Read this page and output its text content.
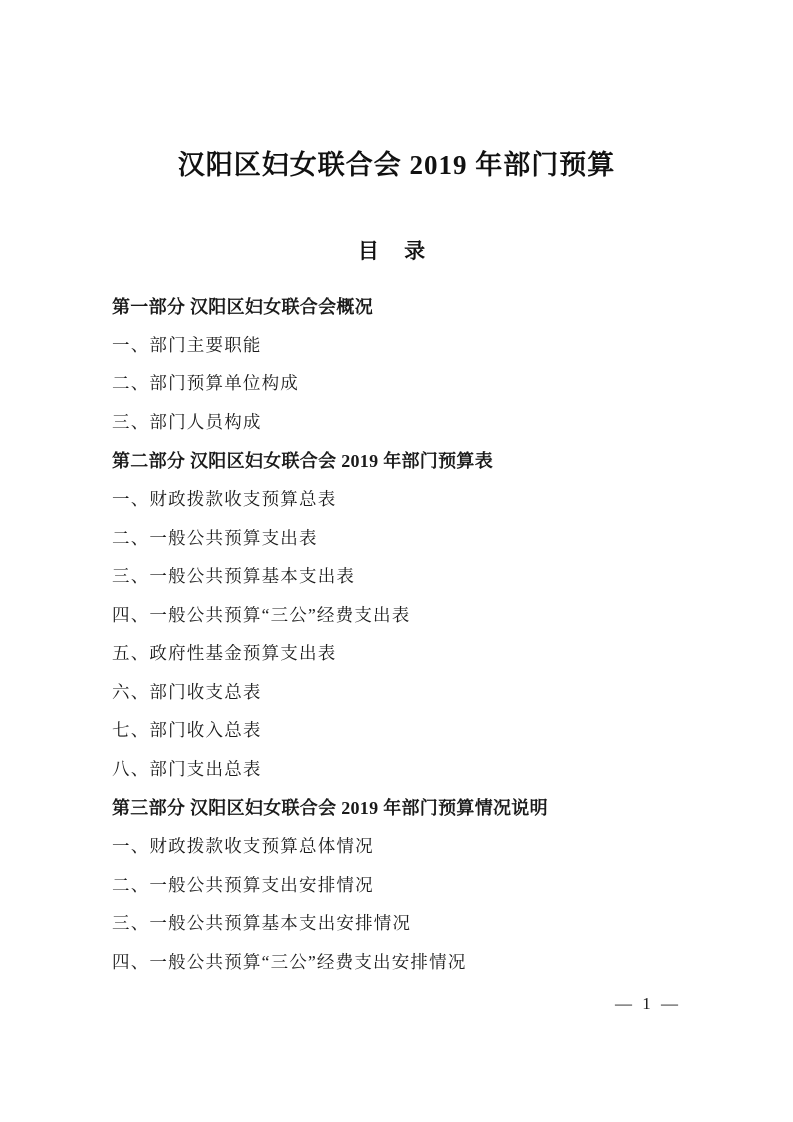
汉阳区妇女联合会 2019 年部门预算
目 录
第一部分 汉阳区妇女联合会概况
一、部门主要职能
二、部门预算单位构成
三、部门人员构成
第二部分 汉阳区妇女联合会 2019 年部门预算表
一、财政拨款收支预算总表
二、一般公共预算支出表
三、一般公共预算基本支出表
四、一般公共预算“三公”经费支出表
五、政府性基金预算支出表
六、部门收支总表
七、部门收入总表
八、部门支出总表
第三部分 汉阳区妇女联合会 2019 年部门预算情况说明
一、财政拨款收支预算总体情况
二、一般公共预算支出安排情况
三、一般公共预算基本支出安排情况
四、一般公共预算“三公”经费支出安排情况
— 1 —
